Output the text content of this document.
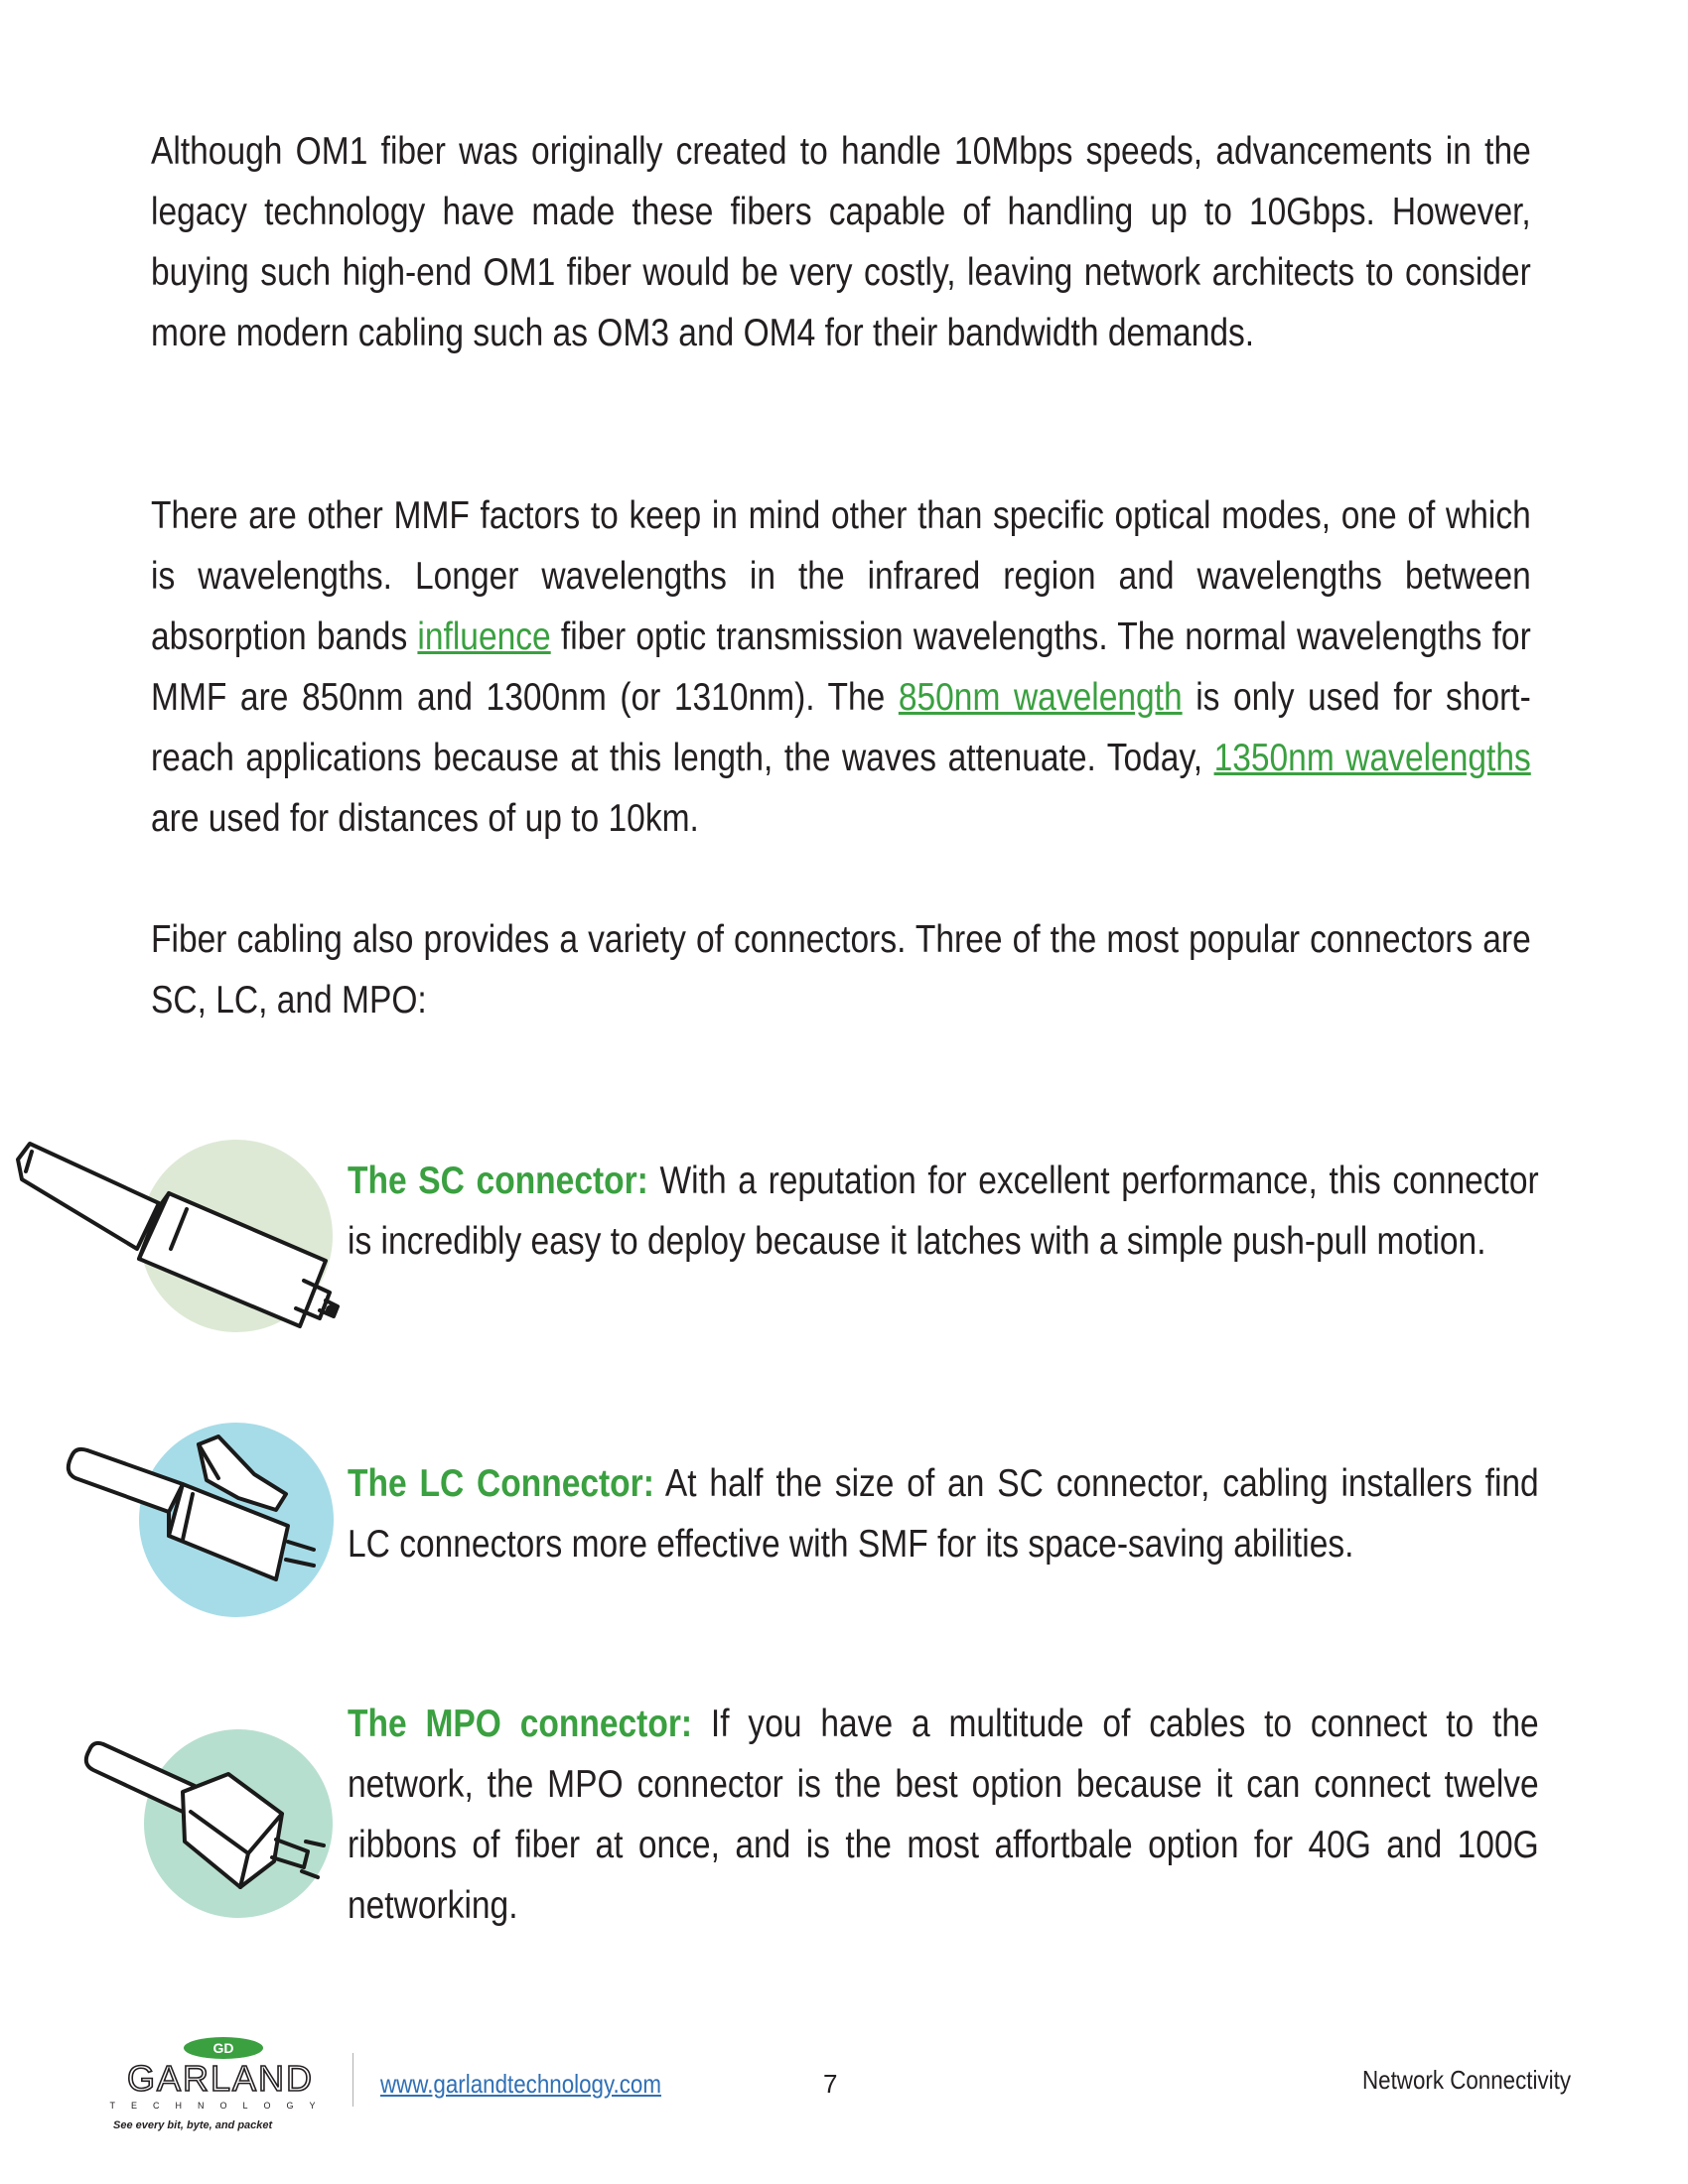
Although OM1 fiber was originally created to handle 10Mbps speeds, advancements in the legacy technology have made these fibers capable of handling up to 10Gbps. However, buying such high-end OM1 fiber would be very costly, leaving network architects to consider more modern cabling such as OM3 and OM4 for their bandwidth demands.

There are other MMF factors to keep in mind other than specific optical modes, one of which is wavelengths. Longer wavelengths in the infrared region and wavelengths between absorption bands influence fiber optic transmission wavelengths. The normal wavelengths for MMF are 850nm and 1300nm (or 1310nm). The 850nm wavelength is only used for short-reach applications because at this length, the waves attenuate. Today, 1350nm wavelengths are used for distances of up to 10km.

Fiber cabling also provides a variety of connectors. Three of the most popular connectors are SC, LC, and MPO:

The SC connector: With a reputation for excellent performance, this connector is incredibly easy to deploy because it latches with a simple push-pull motion.

The LC Connector: At half the size of an SC connector, cabling installers find LC connectors more effective with SMF for its space-saving abilities.

The MPO connector: If you have a multitude of cables to connect to the network, the MPO connector is the best option because it can connect twelve ribbons of fiber at once, and is the most affortbale option for 40G and 100G networking.

GD
GARLAND
TECHNOLOGY
See every bit, byte, and packet
www.garlandtechnology.com	7	Network Connectivity
